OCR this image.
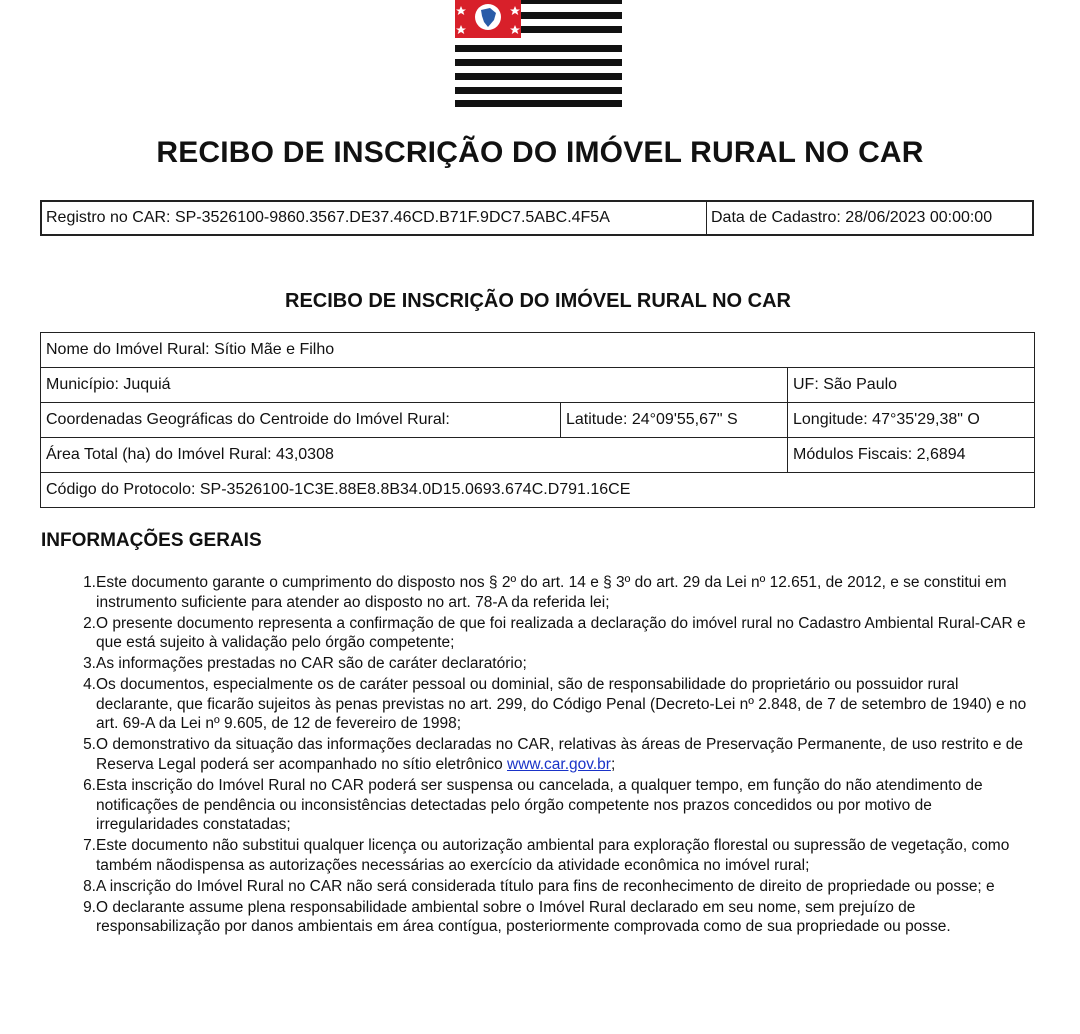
RECIBO DE INSCRIÇÃO DO IMÓVEL RURAL NO CAR
Registro no CAR: SP-3526100-9860.3567.DE37.46CD.B71F.9DC7.5ABC.4F5A	Data de Cadastro: 28/06/2023 00:00:00
RECIBO DE INSCRIÇÃO DO IMÓVEL RURAL NO CAR
Nome do Imóvel Rural: Sítio Mãe e Filho
Município: Juquiá	UF: São Paulo
Coordenadas Geográficas do Centroide do Imóvel Rural:	Latitude: 24°09'55,67" S	Longitude: 47°35'29,38" O
Área Total (ha) do Imóvel Rural: 43,0308	Módulos Fiscais: 2,6894
Código do Protocolo: SP-3526100-1C3E.88E8.8B34.0D15.0693.674C.D791.16CE
INFORMAÇÕES GERAIS
1. Este documento garante o cumprimento do disposto nos § 2º do art. 14 e § 3º do art. 29 da Lei nº 12.651, de 2012, e se constitui em instrumento suficiente para atender ao disposto no art. 78-A da referida lei;
2. O presente documento representa a confirmação de que foi realizada a declaração do imóvel rural no Cadastro Ambiental Rural-CAR e que está sujeito à validação pelo órgão competente;
3. As informações prestadas no CAR são de caráter declaratório;
4. Os documentos, especialmente os de caráter pessoal ou dominial, são de responsabilidade do proprietário ou possuidor rural declarante, que ficarão sujeitos às penas previstas no art. 299, do Código Penal (Decreto-Lei nº 2.848, de 7 de setembro de 1940) e no art. 69-A da Lei nº 9.605, de 12 de fevereiro de 1998;
5. O demonstrativo da situação das informações declaradas no CAR, relativas às áreas de Preservação Permanente, de uso restrito e de Reserva Legal poderá ser acompanhado no sítio eletrônico www.car.gov.br;
6. Esta inscrição do Imóvel Rural no CAR poderá ser suspensa ou cancelada, a qualquer tempo, em função do não atendimento de notificações de pendência ou inconsistências detectadas pelo órgão competente nos prazos concedidos ou por motivo de irregularidades constatadas;
7. Este documento não substitui qualquer licença ou autorização ambiental para exploração florestal ou supressão de vegetação, como também nãodispensa as autorizações necessárias ao exercício da atividade econômica no imóvel rural;
8. A inscrição do Imóvel Rural no CAR não será considerada título para fins de reconhecimento de direito de propriedade ou posse; e
9. O declarante assume plena responsabilidade ambiental sobre o Imóvel Rural declarado em seu nome, sem prejuízo de responsabilização por danos ambientais em área contígua, posteriormente comprovada como de sua propriedade ou posse.
